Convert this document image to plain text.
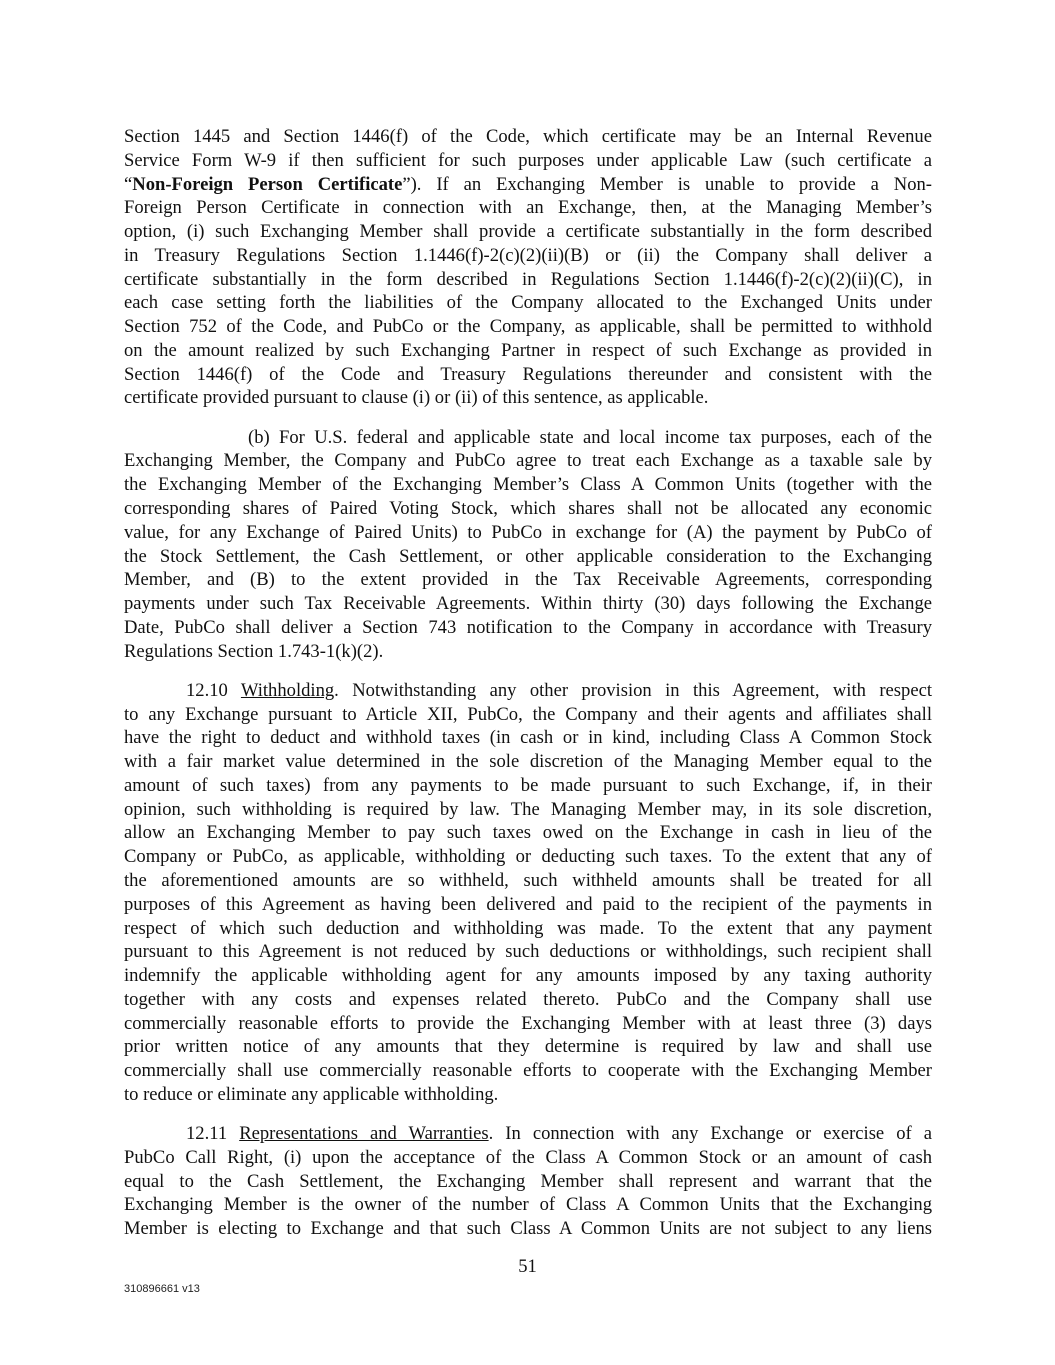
Section 1445 and Section 1446(f) of the Code, which certificate may be an Internal Revenue
Service Form W-9 if then sufficient for such purposes under applicable Law (such certificate a
“Non-Foreign Person Certificate”). If an Exchanging Member is unable to provide a Non-
Foreign Person Certificate in connection with an Exchange, then, at the Managing Member’s
option, (i) such Exchanging Member shall provide a certificate substantially in the form described
in Treasury Regulations Section 1.1446(f)-2(c)(2)(ii)(B) or (ii) the Company shall deliver a
certificate substantially in the form described in Regulations Section 1.1446(f)-2(c)(2)(ii)(C), in
each case setting forth the liabilities of the Company allocated to the Exchanged Units under
Section 752 of the Code, and PubCo or the Company, as applicable, shall be permitted to withhold
on the amount realized by such Exchanging Partner in respect of such Exchange as provided in
Section 1446(f) of the Code and Treasury Regulations thereunder and consistent with the
certificate provided pursuant to clause (i) or (ii) of this sentence, as applicable.
(b) For U.S. federal and applicable state and local income tax purposes, each of the
Exchanging Member, the Company and PubCo agree to treat each Exchange as a taxable sale by
the Exchanging Member of the Exchanging Member’s Class A Common Units (together with the
corresponding shares of Paired Voting Stock, which shares shall not be allocated any economic
value, for any Exchange of Paired Units) to PubCo in exchange for (A) the payment by PubCo of
the Stock Settlement, the Cash Settlement, or other applicable consideration to the Exchanging
Member, and (B) to the extent provided in the Tax Receivable Agreements, corresponding
payments under such Tax Receivable Agreements. Within thirty (30) days following the Exchange
Date, PubCo shall deliver a Section 743 notification to the Company in accordance with Treasury
Regulations Section 1.743-1(k)(2).
12.10 Withholding. Notwithstanding any other provision in this Agreement, with respect
to any Exchange pursuant to Article XII, PubCo, the Company and their agents and affiliates shall
have the right to deduct and withhold taxes (in cash or in kind, including Class A Common Stock
with a fair market value determined in the sole discretion of the Managing Member equal to the
amount of such taxes) from any payments to be made pursuant to such Exchange, if, in their
opinion, such withholding is required by law. The Managing Member may, in its sole discretion,
allow an Exchanging Member to pay such taxes owed on the Exchange in cash in lieu of the
Company or PubCo, as applicable, withholding or deducting such taxes. To the extent that any of
the aforementioned amounts are so withheld, such withheld amounts shall be treated for all
purposes of this Agreement as having been delivered and paid to the recipient of the payments in
respect of which such deduction and withholding was made. To the extent that any payment
pursuant to this Agreement is not reduced by such deductions or withholdings, such recipient shall
indemnify the applicable withholding agent for any amounts imposed by any taxing authority
together with any costs and expenses related thereto. PubCo and the Company shall use
commercially reasonable efforts to provide the Exchanging Member with at least three (3) days
prior written notice of any amounts that they determine is required by law and shall use
commercially shall use commercially reasonable efforts to cooperate with the Exchanging Member
to reduce or eliminate any applicable withholding.
12.11 Representations and Warranties. In connection with any Exchange or exercise of a
PubCo Call Right, (i) upon the acceptance of the Class A Common Stock or an amount of cash
equal to the Cash Settlement, the Exchanging Member shall represent and warrant that the
Exchanging Member is the owner of the number of Class A Common Units that the Exchanging
Member is electing to Exchange and that such Class A Common Units are not subject to any liens
51
310896661 v13
